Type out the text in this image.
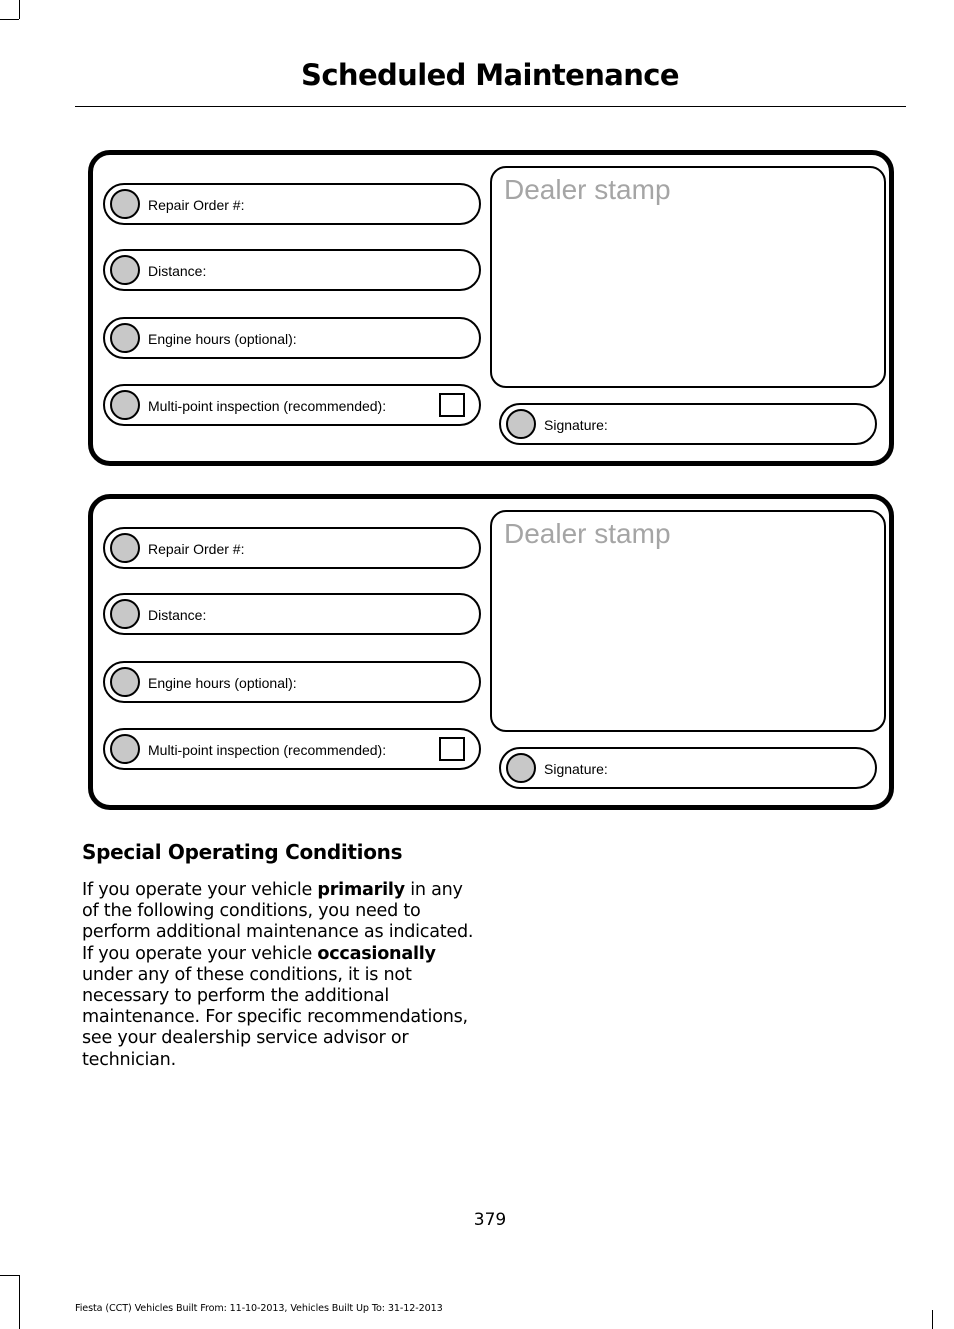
Scheduled Maintenance
Repair Order #:
Distance:
Engine hours (optional):
Multi-point inspection (recommended):
Dealer stamp
Signature:
Repair Order #:
Distance:
Engine hours (optional):
Multi-point inspection (recommended):
Dealer stamp
Signature:
Special Operating Conditions

If you operate your vehicle primarily in any of the following conditions, you need to perform additional maintenance as indicated. If you operate your vehicle occasionally under any of these conditions, it is not necessary to perform the additional maintenance. For specific recommendations, see your dealership service advisor or technician.

379
Fiesta (CCT) Vehicles Built From: 11-10-2013, Vehicles Built Up To: 31-12-2013
